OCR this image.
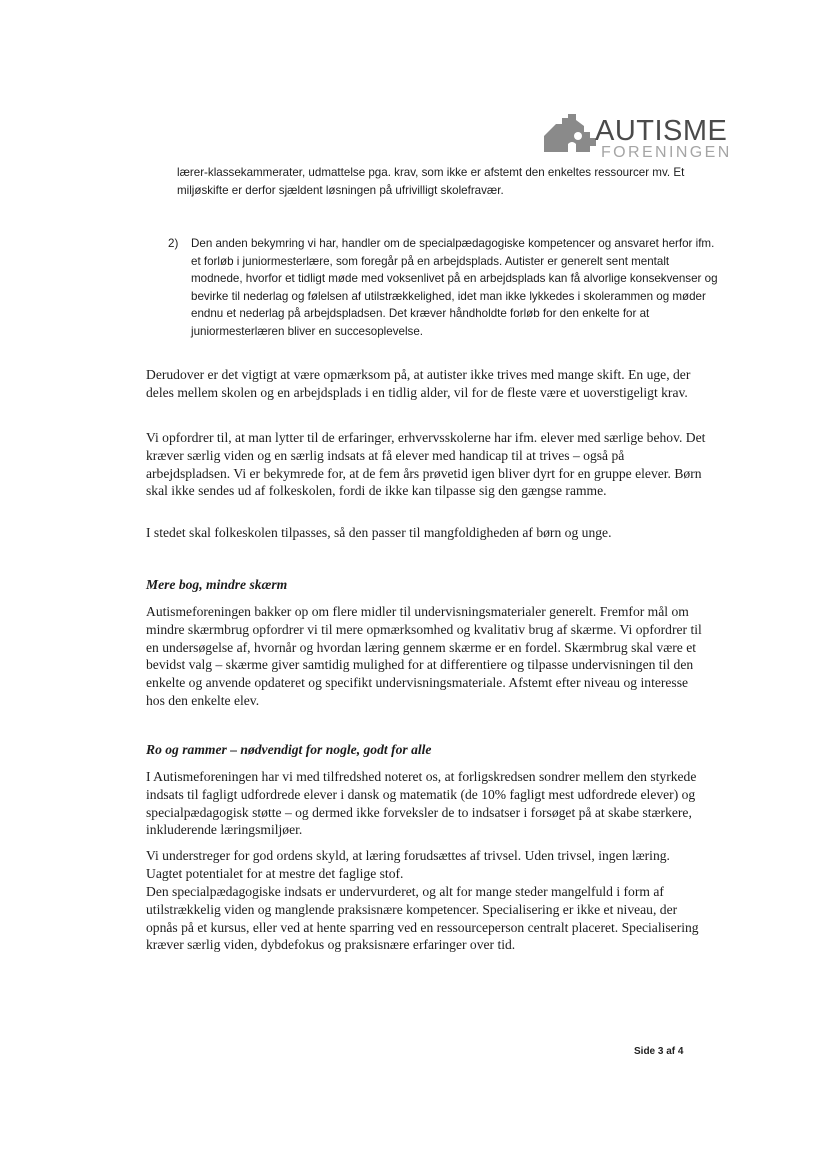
AUTISME
FORENINGEN

lærer-klassekammerater, udmattelse pga. krav, som ikke er afstemt den enkeltes ressourcer mv. Et miljøskifte er derfor sjældent løsningen på ufrivilligt skolefravær.

2) Den anden bekymring vi har, handler om de specialpædagogiske kompetencer og ansvaret herfor ifm. et forløb i juniormesterlære, som foregår på en arbejdsplads. Autister er generelt sent mentalt modnede, hvorfor et tidligt møde med voksenlivet på en arbejdsplads kan få alvorlige konsekvenser og bevirke til nederlag og følelsen af utilstrækkelighed, idet man ikke lykkedes i skolerammen og møder endnu et nederlag på arbejdspladsen. Det kræver håndholdte forløb for den enkelte for at juniormesterlæren bliver en succesoplevelse.

Derudover er det vigtigt at være opmærksom på, at autister ikke trives med mange skift. En uge, der deles mellem skolen og en arbejdsplads i en tidlig alder, vil for de fleste være et uoverstigeligt krav.

Vi opfordrer til, at man lytter til de erfaringer, erhvervsskolerne har ifm. elever med særlige behov. Det kræver særlig viden og en særlig indsats at få elever med handicap til at trives – også på arbejdspladsen. Vi er bekymrede for, at de fem års prøvetid igen bliver dyrt for en gruppe elever. Børn skal ikke sendes ud af folkeskolen, fordi de ikke kan tilpasse sig den gængse ramme.

I stedet skal folkeskolen tilpasses, så den passer til mangfoldigheden af børn og unge.

Mere bog, mindre skærm

Autismeforeningen bakker op om flere midler til undervisningsmaterialer generelt. Fremfor mål om mindre skærmbrug opfordrer vi til mere opmærksomhed og kvalitativ brug af skærme. Vi opfordrer til en undersøgelse af, hvornår og hvordan læring gennem skærme er en fordel. Skærmbrug skal være et bevidst valg – skærme giver samtidig mulighed for at differentiere og tilpasse undervisningen til den enkelte og anvende opdateret og specifikt undervisningsmateriale. Afstemt efter niveau og interesse hos den enkelte elev.

Ro og rammer – nødvendigt for nogle, godt for alle

I Autismeforeningen har vi med tilfredshed noteret os, at forligskredsen sondrer mellem den styrkede indsats til fagligt udfordrede elever i dansk og matematik (de 10% fagligt mest udfordrede elever) og specialpædagogisk støtte – og dermed ikke forveksler de to indsatser i forsøget på at skabe stærkere, inkluderende læringsmiljøer.

Vi understreger for god ordens skyld, at læring forudsættes af trivsel. Uden trivsel, ingen læring. Uagtet potentialet for at mestre det faglige stof.

Den specialpædagogiske indsats er undervurderet, og alt for mange steder mangelfuld i form af utilstrækkelig viden og manglende praksisnære kompetencer. Specialisering er ikke et niveau, der opnås på et kursus, eller ved at hente sparring ved en ressourceperson centralt placeret. Specialisering kræver særlig viden, dybdefokus og praksisnære erfaringer over tid.

Side 3 af 4
